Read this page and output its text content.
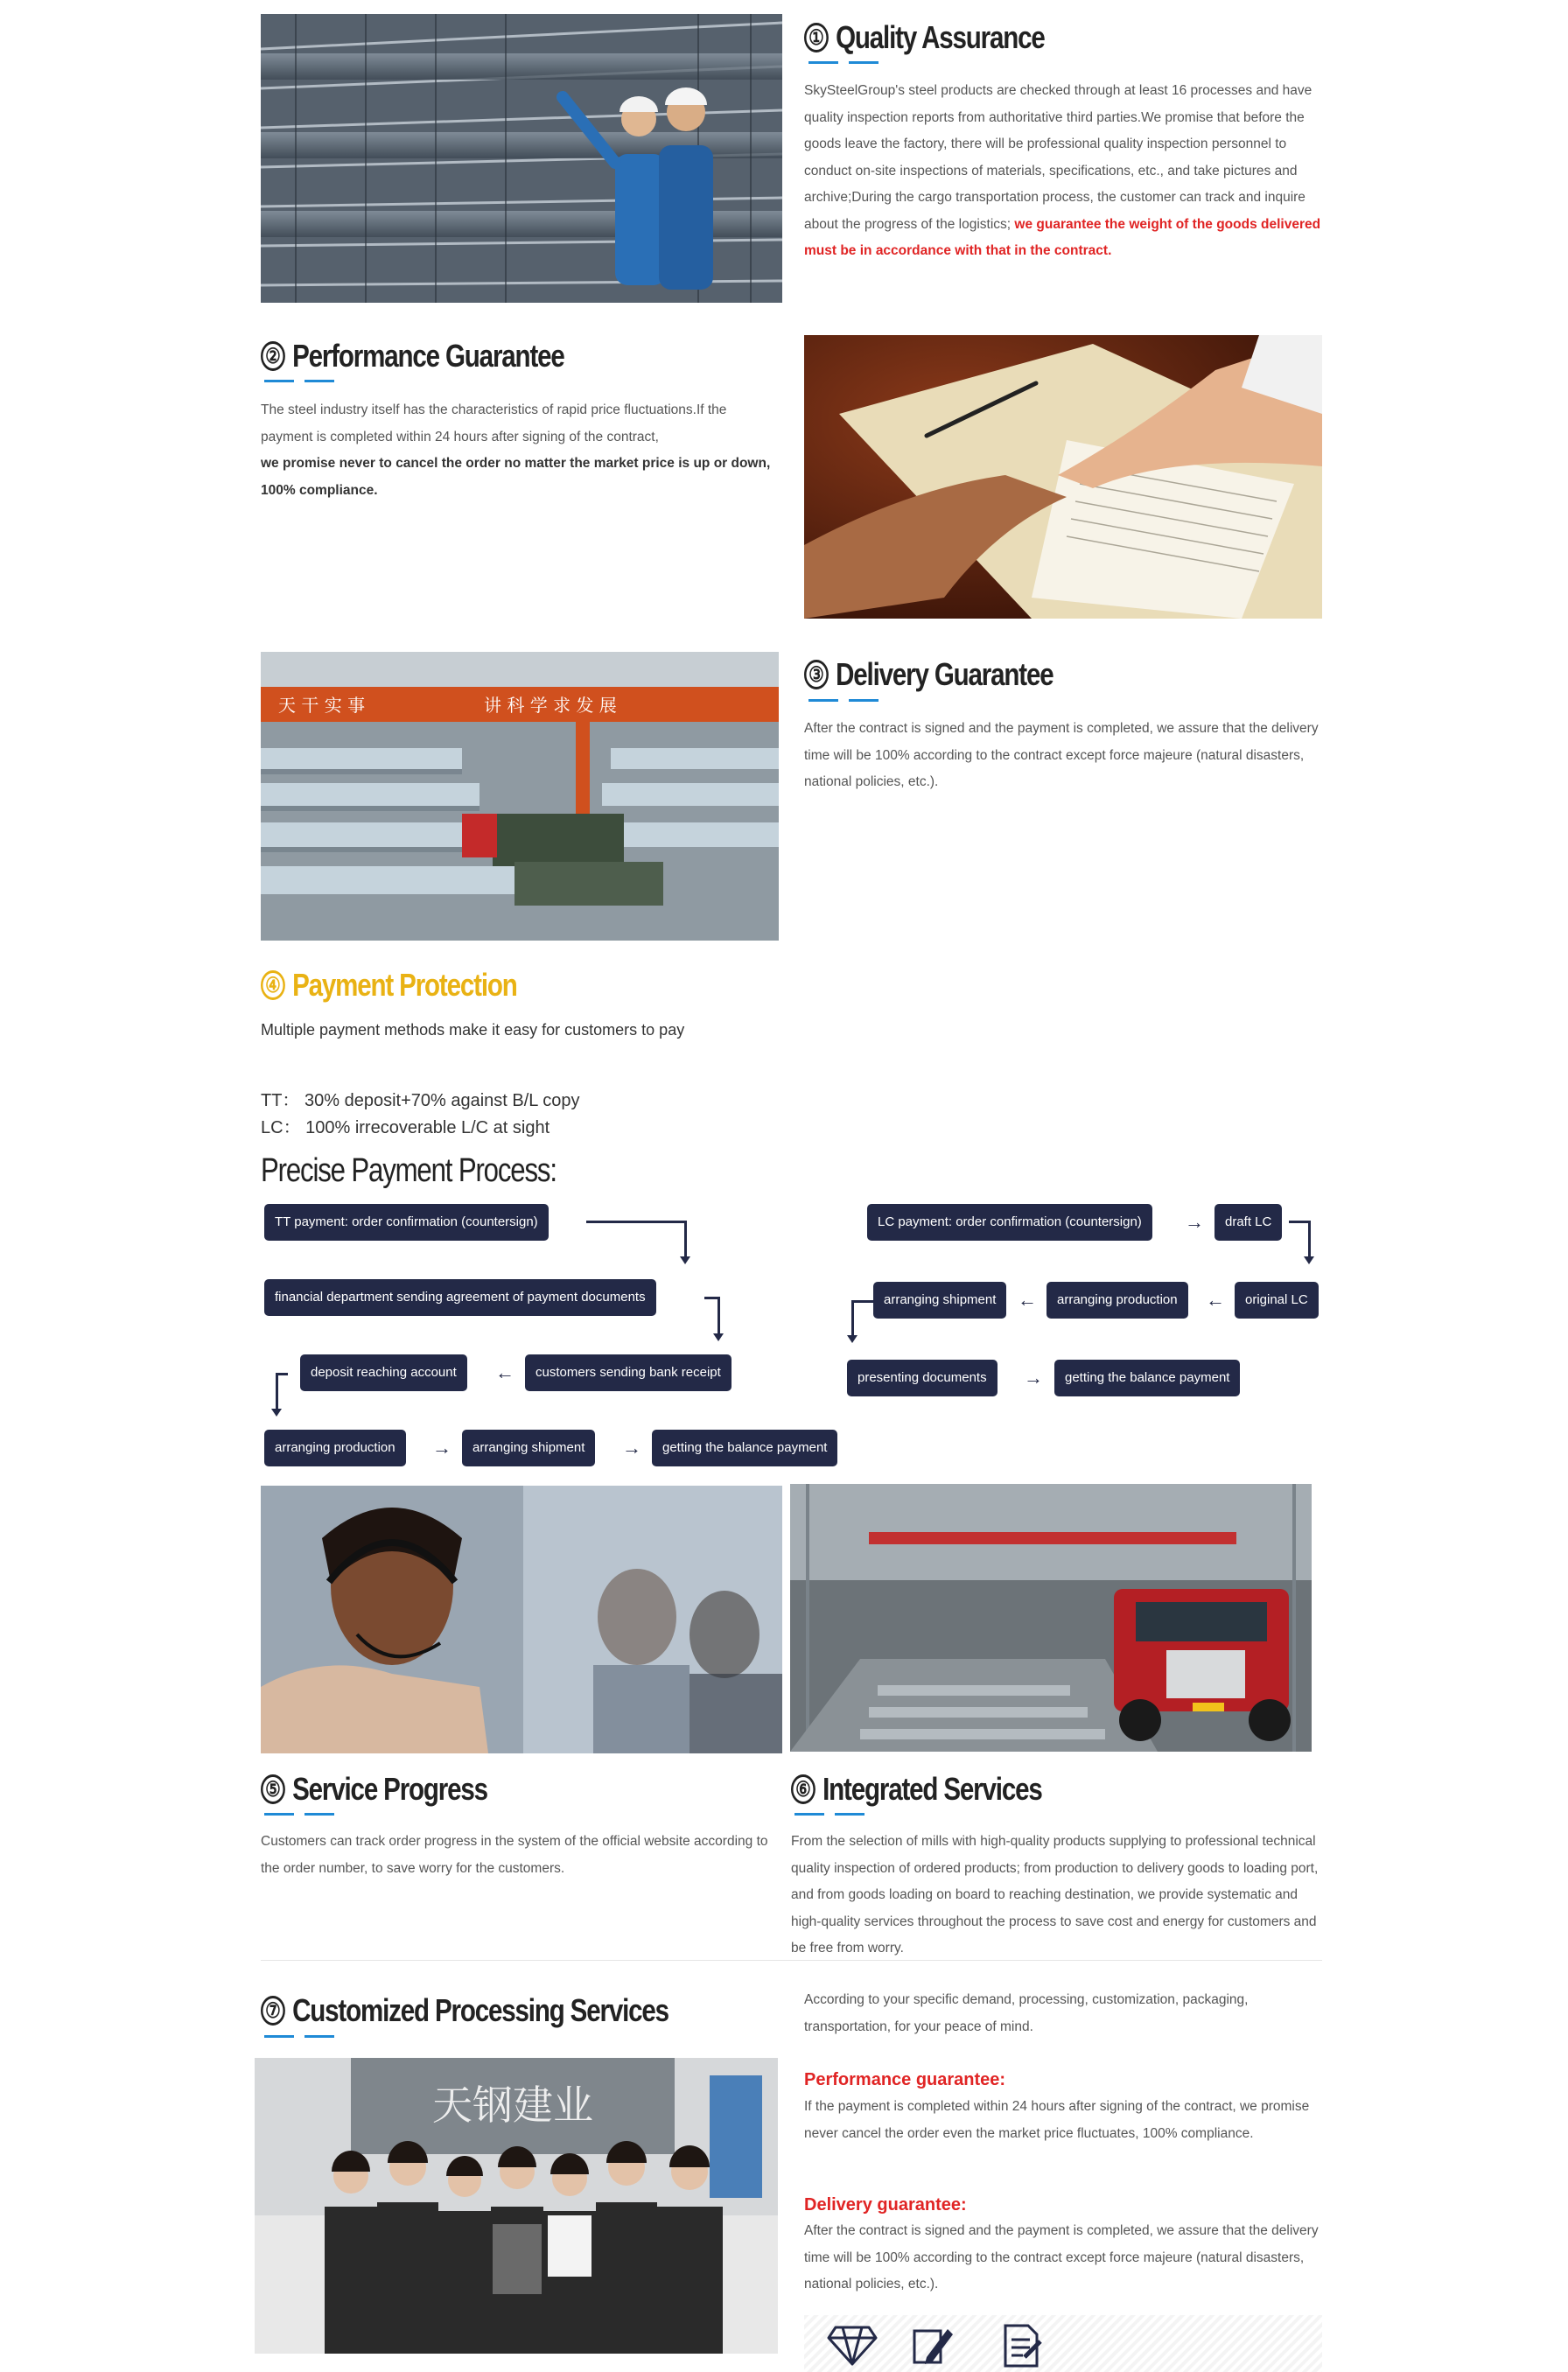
① Quality Assurance
SkySteelGroup's steel products are checked through at least 16 processes and have quality inspection reports from authoritative third parties.We promise that before the goods leave the factory, there will be professional quality inspection personnel to conduct on-site inspections of materials, specifications, etc., and take pictures and archive;During the cargo transportation process, the customer can track and inquire about the progress of the logistics; we guarantee the weight of the goods delivered must be in accordance with that in the contract.
② Performance Guarantee
The steel industry itself has the characteristics of rapid price fluctuations.If the payment is completed within 24 hours after signing of the contract,
we promise never to cancel the order no matter the market price is up or down, 100% compliance.
天 干 实 事	讲 科 学 求 发 展
③ Delivery Guarantee
After the contract is signed and the payment is completed, we assure that the delivery time will be 100% according to the contract except force majeure (natural disasters, national policies, etc.).
④ Payment Protection
Multiple payment methods make it easy for customers to pay
TT： 30% deposit+70% against B/L copy
LC： 100% irrecoverable L/C at sight
Precise Payment Process:
TT payment: order confirmation (countersign)
financial department sending agreement of payment documents
deposit reaching account	←	customers sending bank receipt
arranging production	→	arranging shipment	→	getting the balance payment
LC payment: order confirmation (countersign)	→	draft LC
arranging shipment	←	arranging production	←	original LC
presenting documents	→	getting the balance payment
⑤ Service Progress
Customers can track order progress in the system of the official website according to the order number, to save worry for the customers.
⑥ Integrated Services
From the selection of mills with high-quality products supplying to professional technical quality inspection of ordered products; from production to delivery goods to loading port, and from goods loading on board to reaching destination, we provide systematic and high-quality services throughout the process to save cost and energy for customers and be free from worry.
⑦ Customized Processing Services
天钢建业
According to your specific demand, processing, customization, packaging, transportation, for your peace of mind.
Performance guarantee:
If the payment is completed within 24 hours after signing of the contract, we promise never cancel the order even the market price fluctuates, 100% compliance.
Delivery guarantee:
After the contract is signed and the payment is completed, we assure that the delivery time will be 100% according to the contract except force majeure (natural disasters, national policies, etc.).
